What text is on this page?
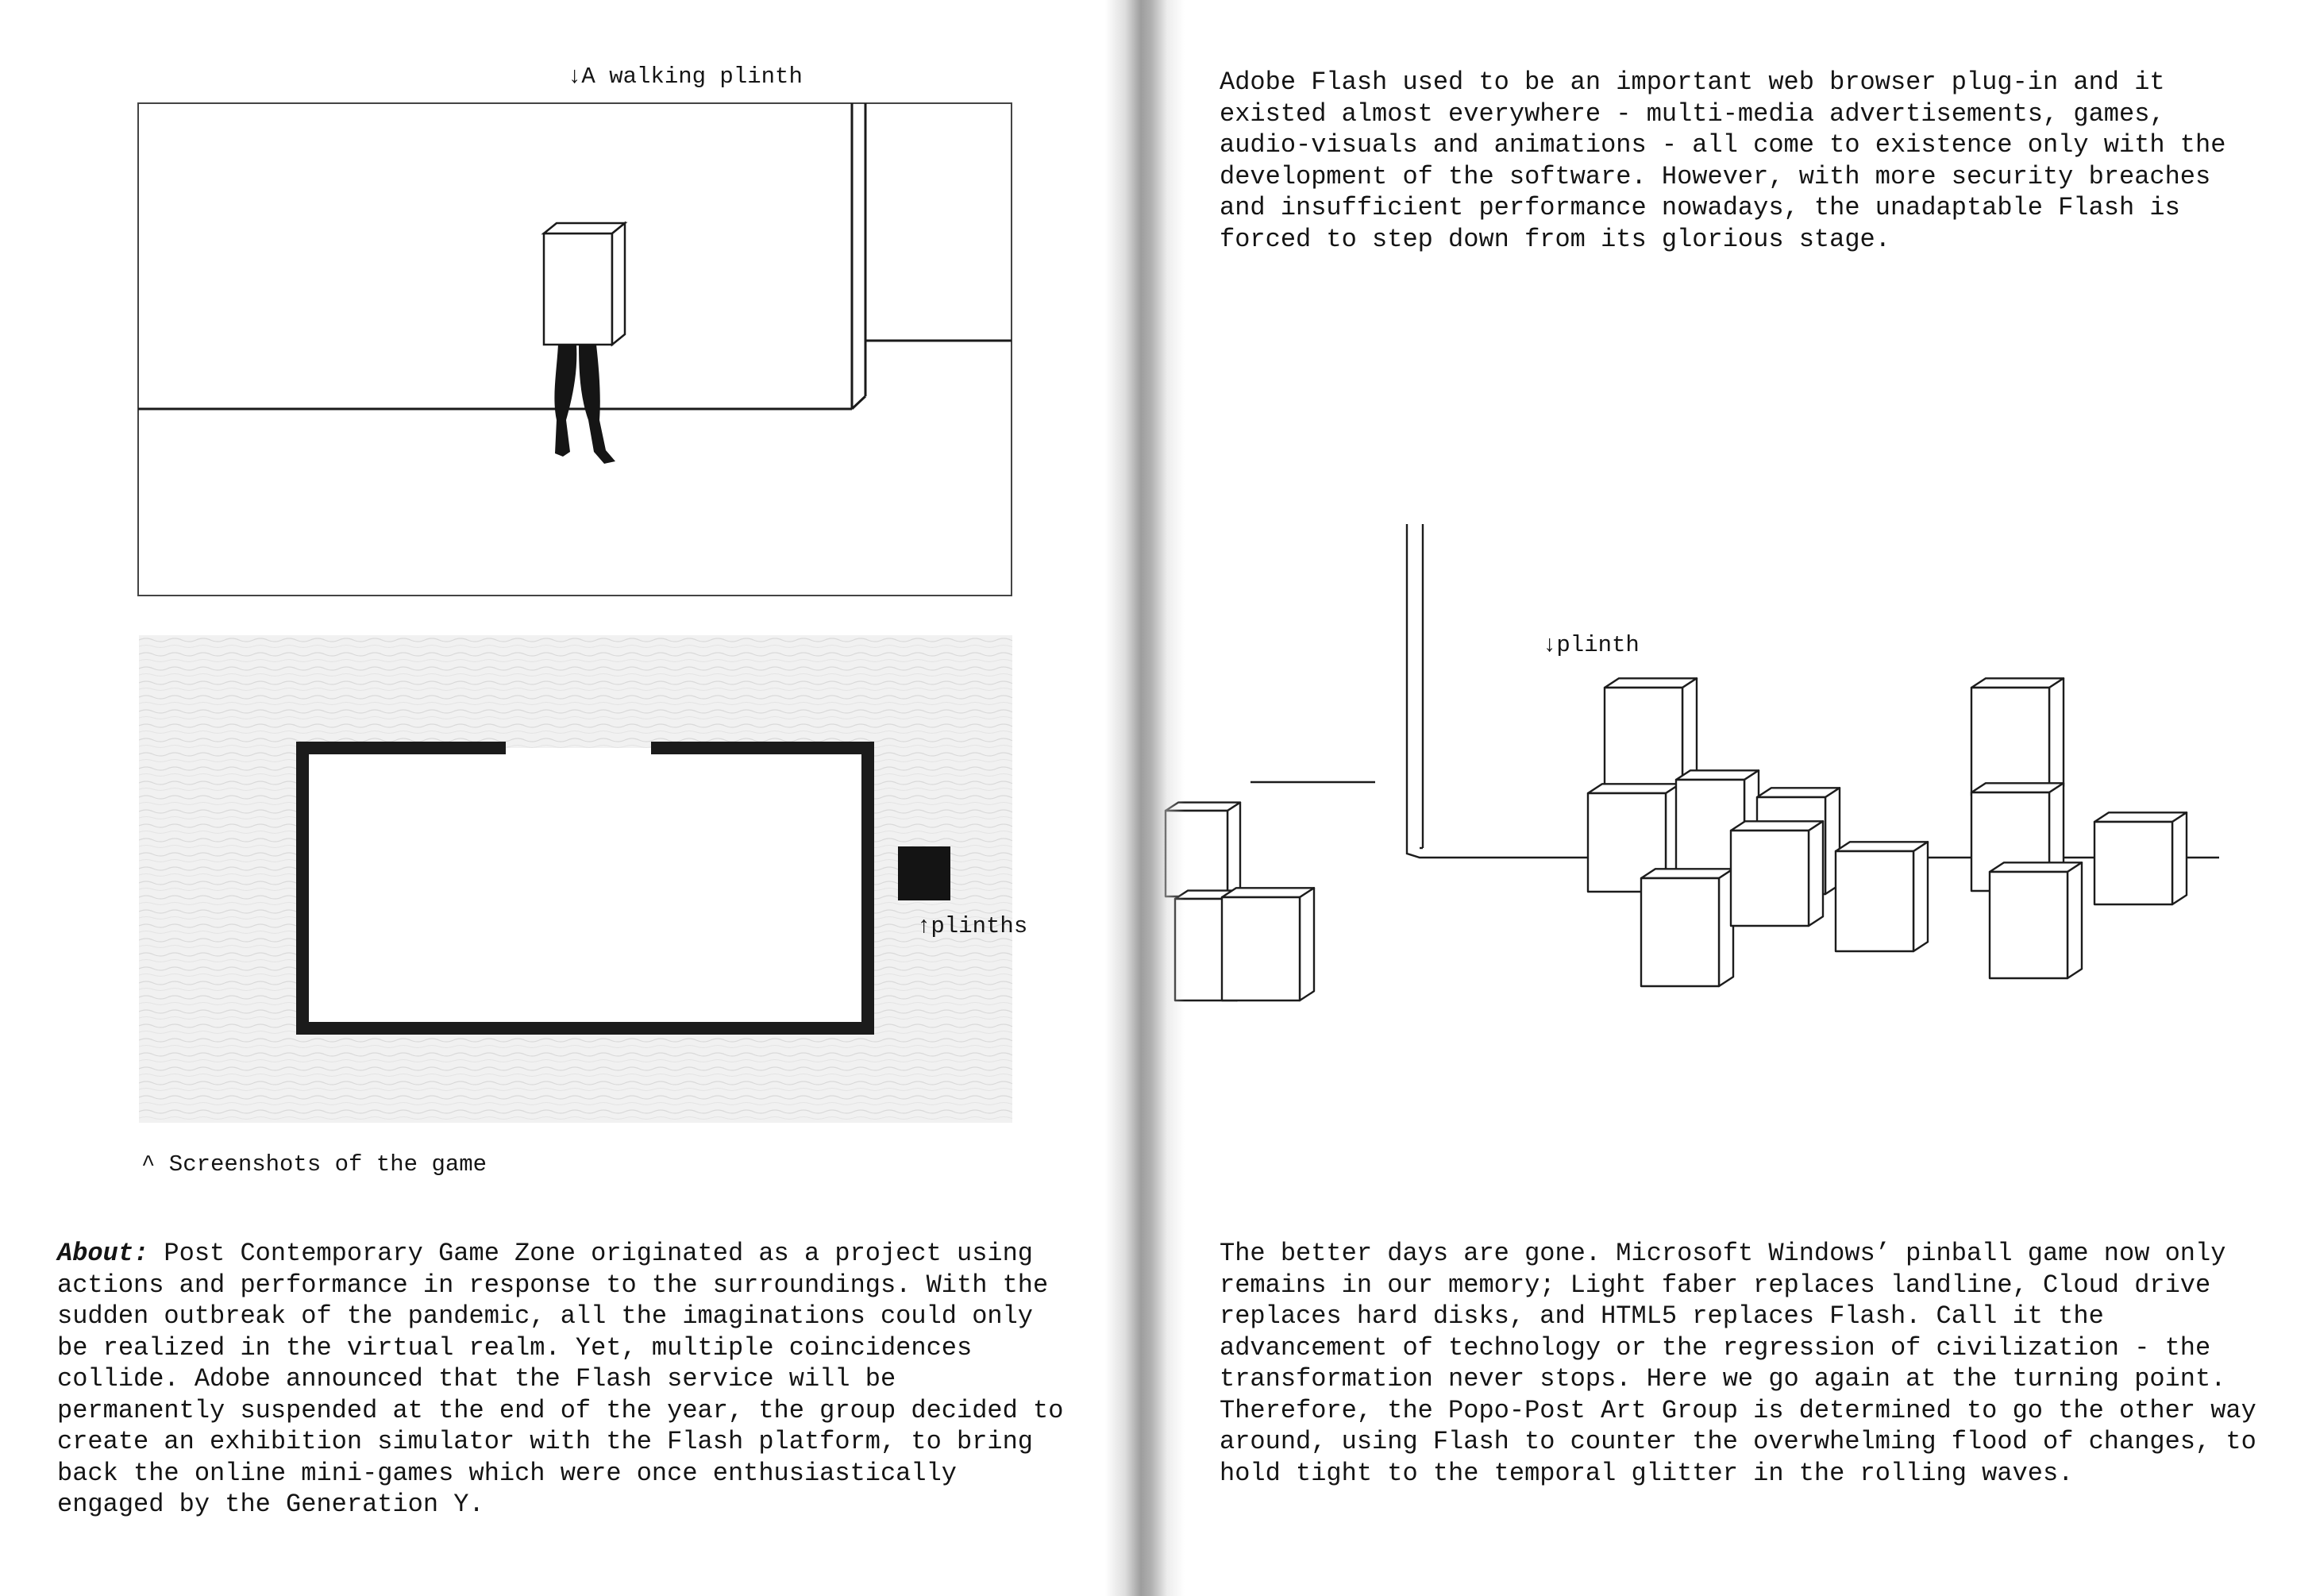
↓A walking plinth
↑plinths
^ Screenshots of the game
About: Post Contemporary Game Zone originated as a project using
actions and performance in response to the surroundings. With the
sudden outbreak of the pandemic, all the imaginations could only
be realized in the virtual realm. Yet, multiple coincidences
collide. Adobe announced that the Flash service will be
permanently suspended at the end of the year, the group decided to
create an exhibition simulator with the Flash platform, to bring
back the online mini-games which were once enthusiastically
engaged by the Generation Y.
Adobe Flash used to be an important web browser plug-in and it
existed almost everywhere - multi-media advertisements, games,
audio-visuals and animations - all come to existence only with the
development of the software. However, with more security breaches
and insufficient performance nowadays, the unadaptable Flash is
forced to step down from its glorious stage.
↓plinth
The better days are gone. Microsoft Windows’ pinball game now only
remains in our memory; Light faber replaces landline, Cloud drive
replaces hard disks, and HTML5 replaces Flash. Call it the
advancement of technology or the regression of civilization - the
transformation never stops. Here we go again at the turning point.
Therefore, the Popo-Post Art Group is determined to go the other way
around, using Flash to counter the overwhelming flood of changes, to
hold tight to the temporal glitter in the rolling waves.
